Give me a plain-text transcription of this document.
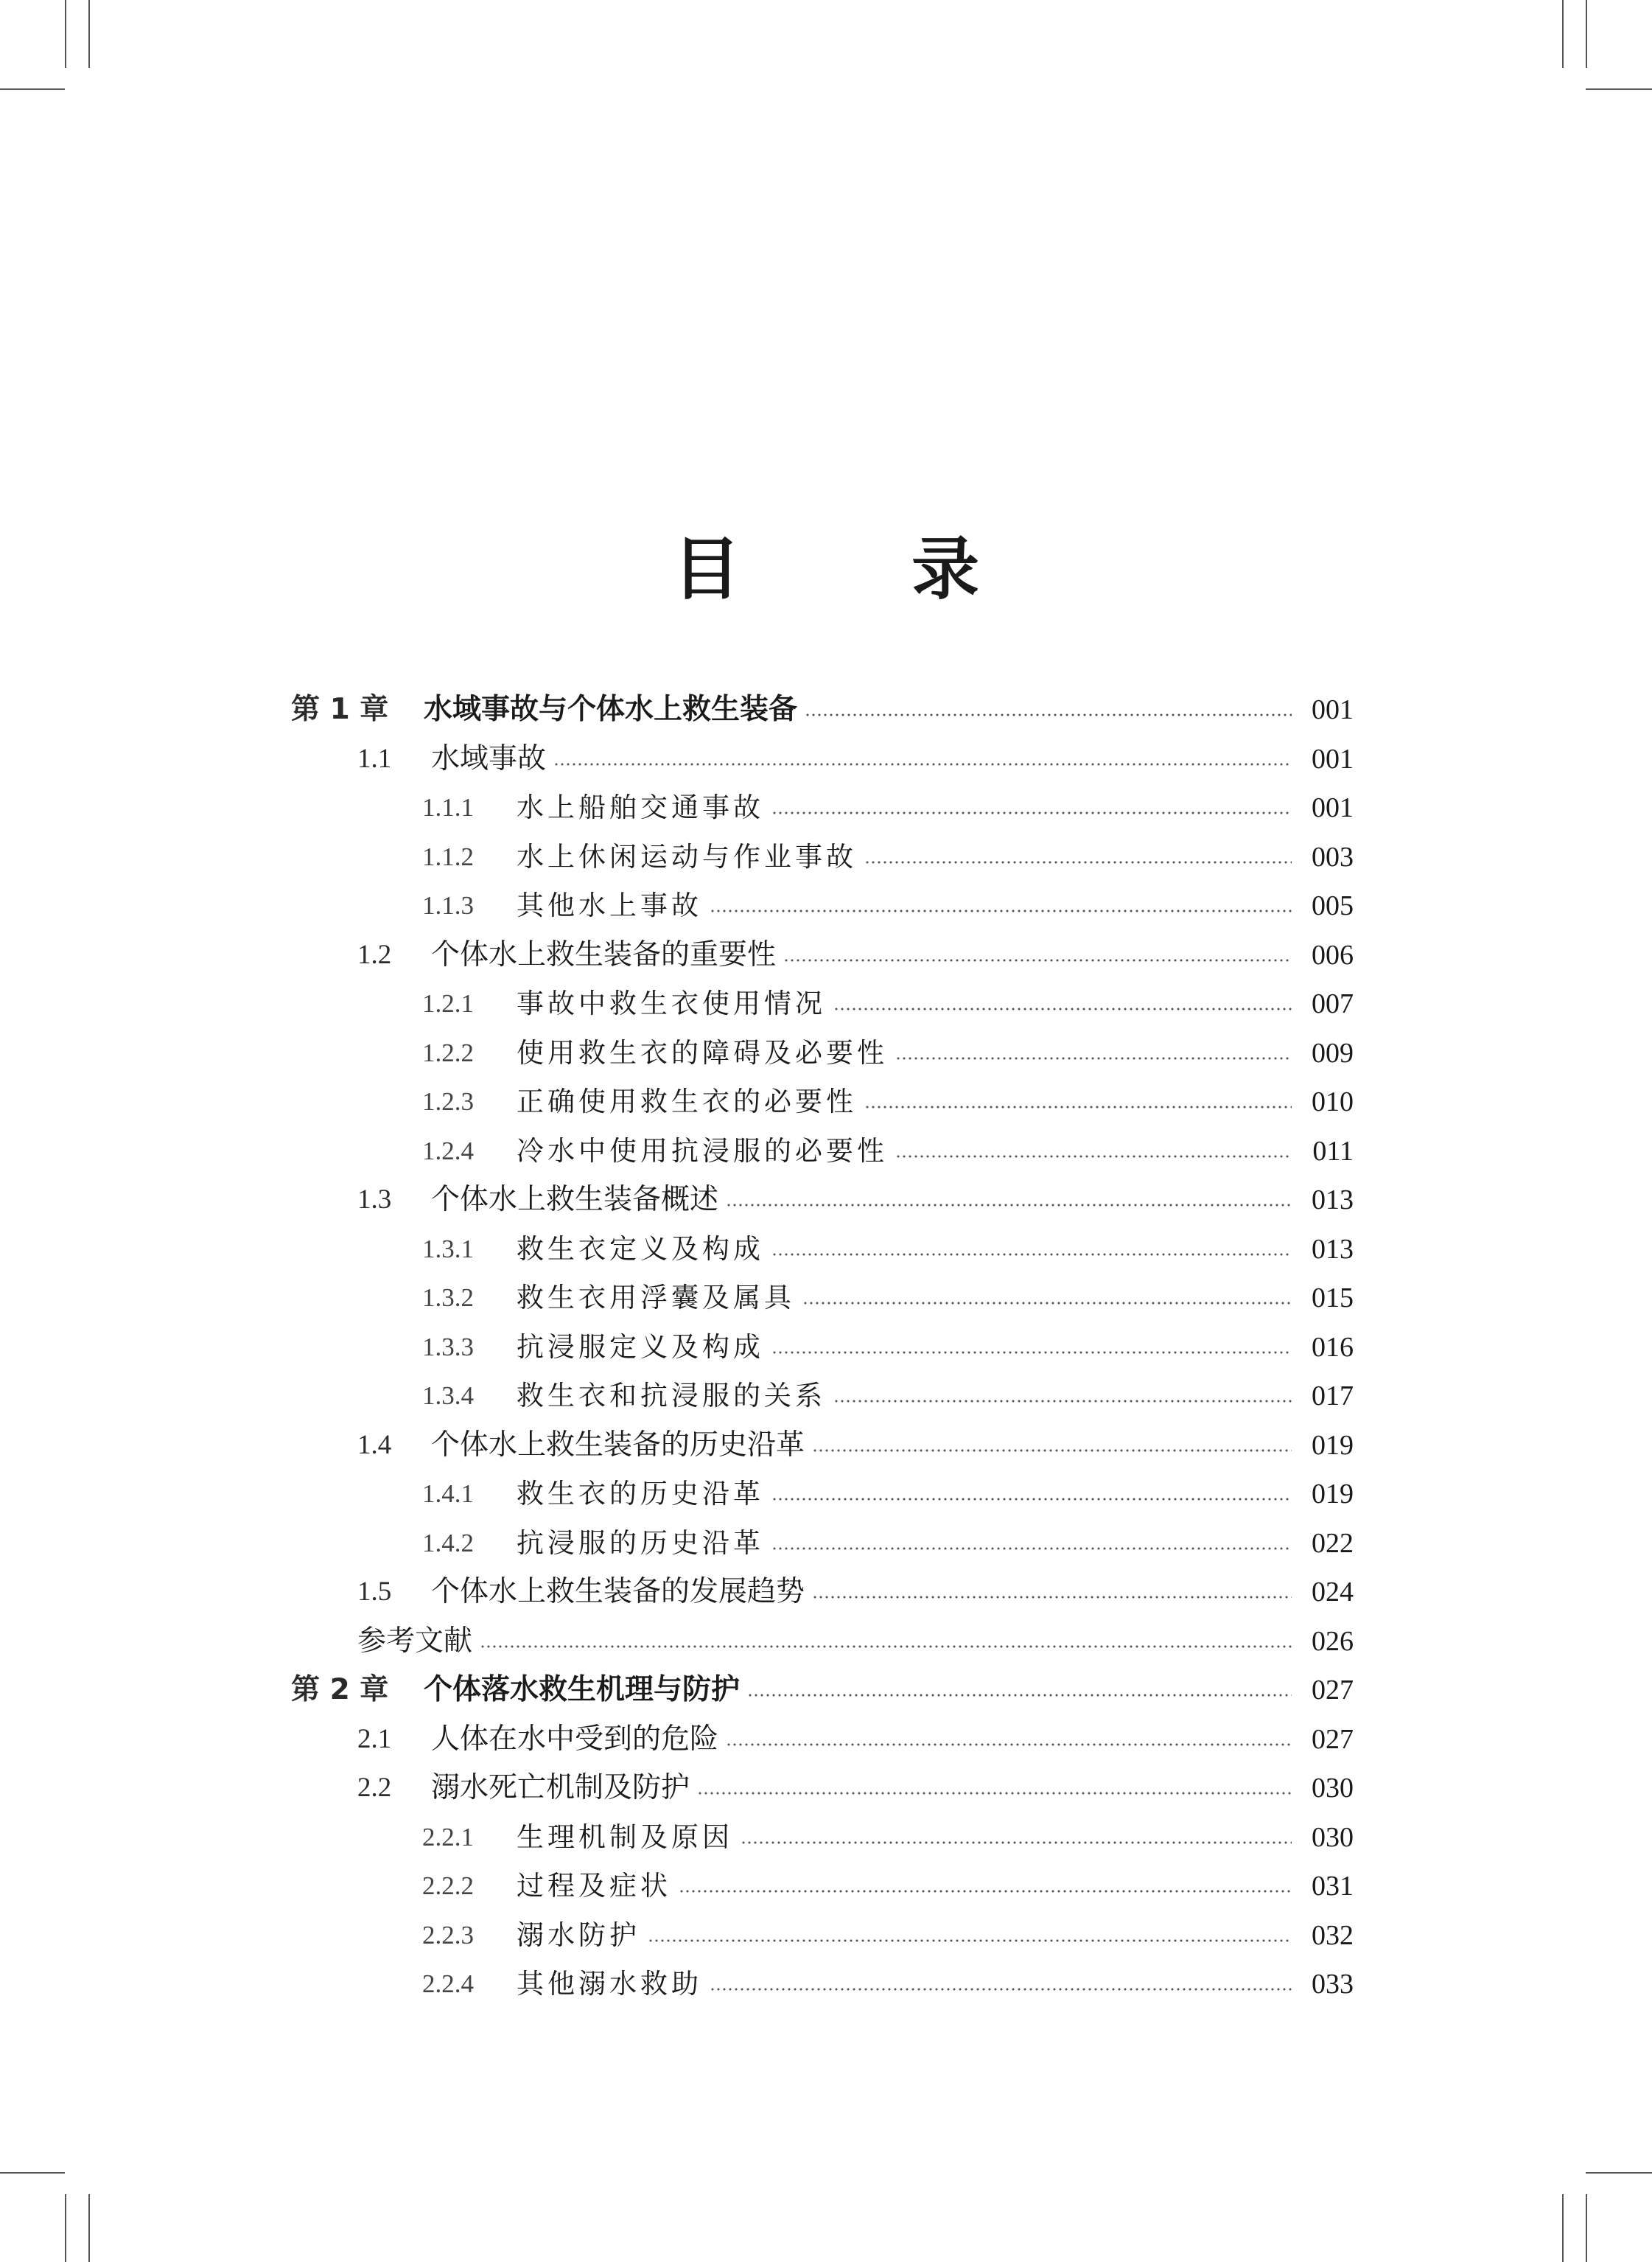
目　录
第 1 章	水域事故与个体水上救生装备	001
1.1	水域事故	001
1.1.1	水上船舶交通事故	001
1.1.2	水上休闲运动与作业事故	003
1.1.3	其他水上事故	005
1.2	个体水上救生装备的重要性	006
1.2.1	事故中救生衣使用情况	007
1.2.2	使用救生衣的障碍及必要性	009
1.2.3	正确使用救生衣的必要性	010
1.2.4	冷水中使用抗浸服的必要性	011
1.3	个体水上救生装备概述	013
1.3.1	救生衣定义及构成	013
1.3.2	救生衣用浮囊及属具	015
1.3.3	抗浸服定义及构成	016
1.3.4	救生衣和抗浸服的关系	017
1.4	个体水上救生装备的历史沿革	019
1.4.1	救生衣的历史沿革	019
1.4.2	抗浸服的历史沿革	022
1.5	个体水上救生装备的发展趋势	024
参考文献	026
第 2 章	个体落水救生机理与防护	027
2.1	人体在水中受到的危险	027
2.2	溺水死亡机制及防护	030
2.2.1	生理机制及原因	030
2.2.2	过程及症状	031
2.2.3	溺水防护	032
2.2.4	其他溺水救助	033
